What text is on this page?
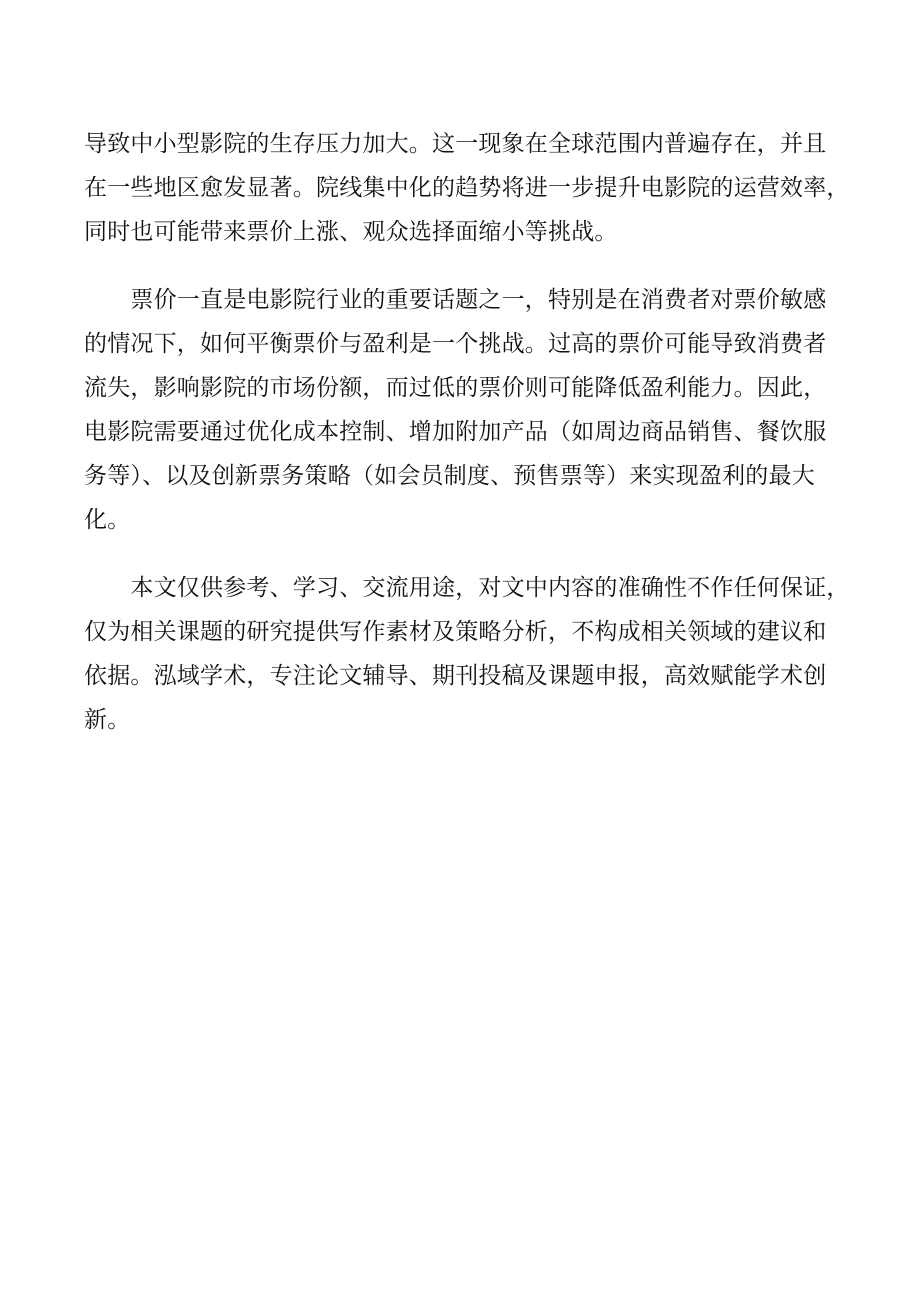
导致中小型影院的生存压力加大。这一现象在全球范围内普遍存在，并且
在一些地区愈发显著。院线集中化的趋势将进一步提升电影院的运营效率，
同时也可能带来票价上涨、观众选择面缩小等挑战。

　　票价一直是电影院行业的重要话题之一，特别是在消费者对票价敏感
的情况下，如何平衡票价与盈利是一个挑战。过高的票价可能导致消费者
流失，影响影院的市场份额，而过低的票价则可能降低盈利能力。因此，
电影院需要通过优化成本控制、增加附加产品（如周边商品销售、餐饮服
务等）、以及创新票务策略（如会员制度、预售票等）来实现盈利的最大
化。

　　本文仅供参考、学习、交流用途，对文中内容的准确性不作任何保证，
仅为相关课题的研究提供写作素材及策略分析，不构成相关领域的建议和
依据。泓域学术，专注论文辅导、期刊投稿及课题申报，高效赋能学术创
新。
